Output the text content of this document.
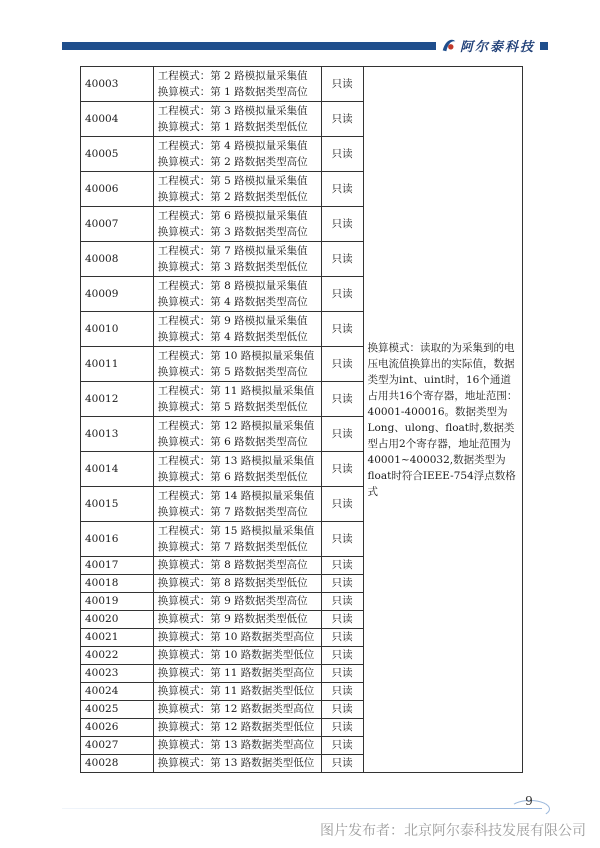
阿尔泰科技
40003	工程模式：第 2 路模拟量采集值
换算模式：第 1 路数据类型高位	只读	换算模式：读取的为采集到的电压电流值换算出的实际值，数据类型为int、uint时，16个通道占用共16个寄存器，地址范围：40001-400016。数据类型为Long、ulong、float时,数据类型占用2个寄存器，地址范围为40001~400032,数据类型为float时符合IEEE-754浮点数格式
40004	工程模式：第 3 路模拟量采集值
换算模式：第 1 路数据类型低位	只读	
40005	工程模式：第 4 路模拟量采集值
换算模式：第 2 路数据类型高位	只读	
40006	工程模式：第 5 路模拟量采集值
换算模式：第 2 路数据类型低位	只读	
40007	工程模式：第 6 路模拟量采集值
换算模式：第 3 路数据类型高位	只读	
40008	工程模式：第 7 路模拟量采集值
换算模式：第 3 路数据类型低位	只读	
40009	工程模式：第 8 路模拟量采集值
换算模式：第 4 路数据类型高位	只读	
40010	工程模式：第 9 路模拟量采集值
换算模式：第 4 路数据类型低位	只读	
40011	工程模式：第 10 路模拟量采集值
换算模式：第 5 路数据类型高位	只读	
40012	工程模式：第 11 路模拟量采集值
换算模式：第 5 路数据类型低位	只读	
40013	工程模式：第 12 路模拟量采集值
换算模式：第 6 路数据类型高位	只读	
40014	工程模式：第 13 路模拟量采集值
换算模式：第 6 路数据类型低位	只读	
40015	工程模式：第 14 路模拟量采集值
换算模式：第 7 路数据类型高位	只读	
40016	工程模式：第 15 路模拟量采集值
换算模式：第 7 路数据类型低位	只读	
40017	换算模式：第 8 路数据类型高位	只读	
40018	换算模式：第 8 路数据类型低位	只读	
40019	换算模式：第 9 路数据类型高位	只读	
40020	换算模式：第 9 路数据类型低位	只读	
40021	换算模式：第 10 路数据类型高位	只读	
40022	换算模式：第 10 路数据类型低位	只读	
40023	换算模式：第 11 路数据类型高位	只读	
40024	换算模式：第 11 路数据类型低位	只读	
40025	换算模式：第 12 路数据类型高位	只读	
40026	换算模式：第 12 路数据类型低位	只读	
40027	换算模式：第 13 路数据类型高位	只读	
40028	换算模式：第 13 路数据类型低位	只读	
9
图片发布者：北京阿尔泰科技发展有限公司
